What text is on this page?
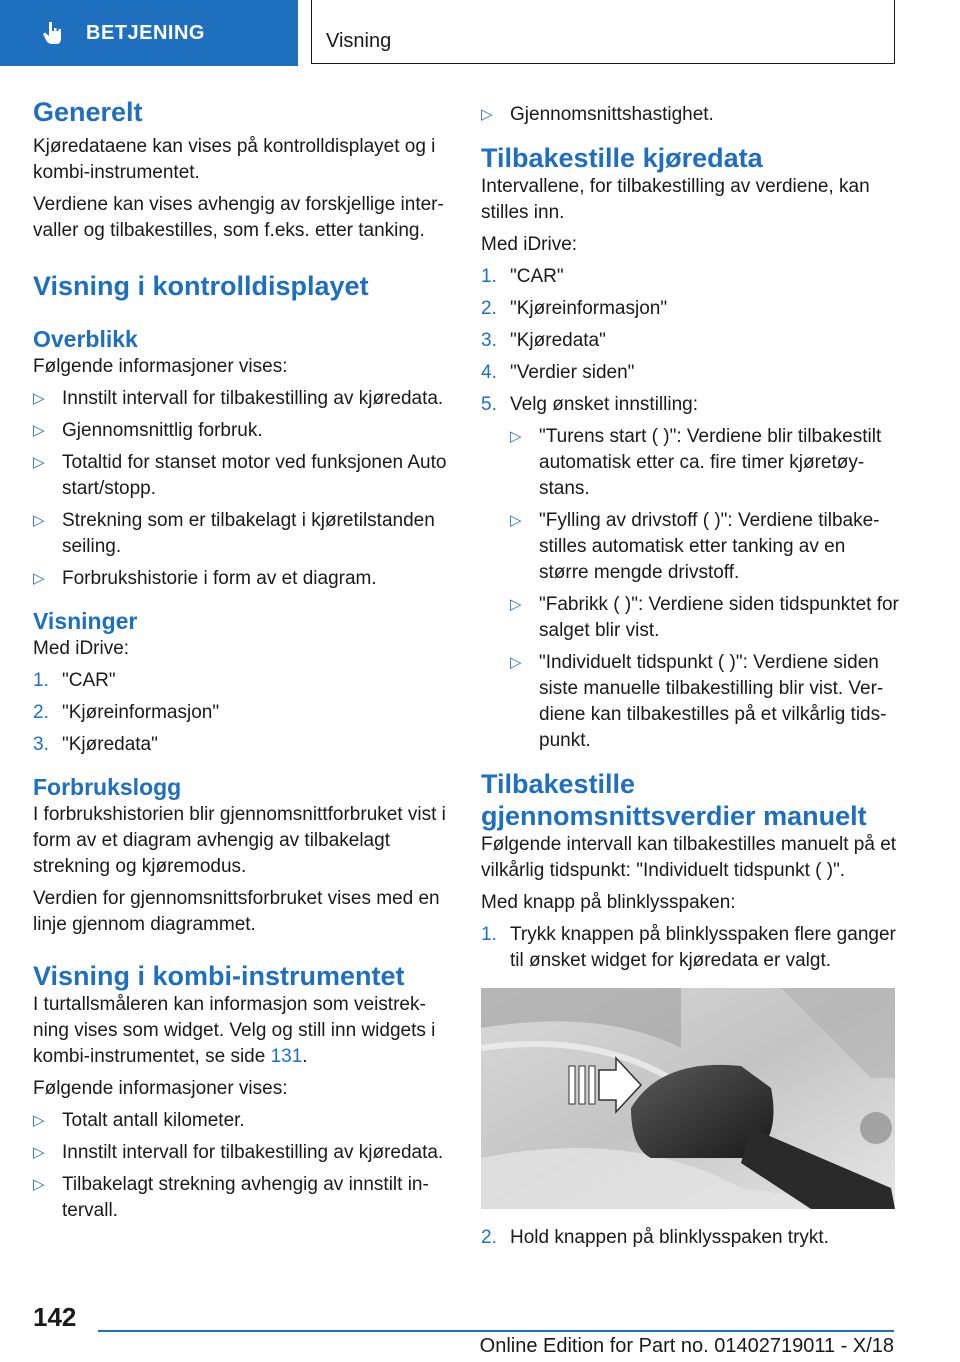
BETJENING	Visning
Generelt

Kjøredataene kan vises på kontrolldisplayet og i kombi-instrumentet.

Verdiene kan vises avhengig av forskjellige inter-valler og tilbakestilles, som f.eks. etter tanking.

Visning i kontrolldisplayet
Overblikk

Følgende informasjoner vises:

▷ Innstilt intervall for tilbakestilling av kjøredata.
▷ Gjennomsnittlig forbruk.
▷ Totaltid for stanset motor ved funksjonen Auto start/stopp.
▷ Strekning som er tilbakelagt i kjøretilstanden seiling.
▷ Forbrukshistorie i form av et diagram.
Visninger

Med iDrive:

1. "CAR"
2. "Kjøreinformasjon"
3. "Kjøredata"
Forbrukslogg

I forbrukshistorien blir gjennomsnittforbruket vist i form av et diagram avhengig av tilbakelagt strekning og kjøremodus.

Verdien for gjennomsnittsforbruket vises med en linje gjennom diagrammet.

Visning i kombi-instrumentet

I turtallsmåleren kan informasjon som veistrek-ning vises som widget. Velg og still inn widgets i kombi-instrumentet, se side 131.

Følgende informasjoner vises:

▷ Totalt antall kilometer.
▷ Innstilt intervall for tilbakestilling av kjøredata.
▷ Tilbakelagt strekning avhengig av innstilt in-tervall.
▷ Gjennomsnittshastighet.
Tilbakestille kjøredata

Intervallene, for tilbakestilling av verdiene, kan stilles inn.

Med iDrive:

1. "CAR"
2. "Kjøreinformasjon"
3. "Kjøredata"
4. "Verdier siden"
5. Velg ønsket innstilling:
▷ "Turens start ( )": Verdiene blir tilbakestilt automatisk etter ca. fire timer kjøretøy-stans.
▷ "Fylling av drivstoff ( )": Verdiene tilbake-stilles automatisk etter tanking av en større mengde drivstoff.
▷ "Fabrikk ( )": Verdiene siden tidspunktet for salget blir vist.
▷ "Individuelt tidspunkt ( )": Verdiene siden siste manuelle tilbakestilling blir vist. Ver-diene kan tilbakestilles på et vilkårlig tids-punkt.
Tilbakestille gjennomsnittsverdier manuelt

Følgende intervall kan tilbakestilles manuelt på et vilkårlig tidspunkt: "Individuelt tidspunkt ( )".

Med knapp på blinklysspaken:

1. Trykk knappen på blinklysspaken flere ganger til ønsket widget for kjøredata er valgt.
2. Hold knappen på blinklysspaken trykt.
142
Online Edition for Part no. 01402719011 - X/18
